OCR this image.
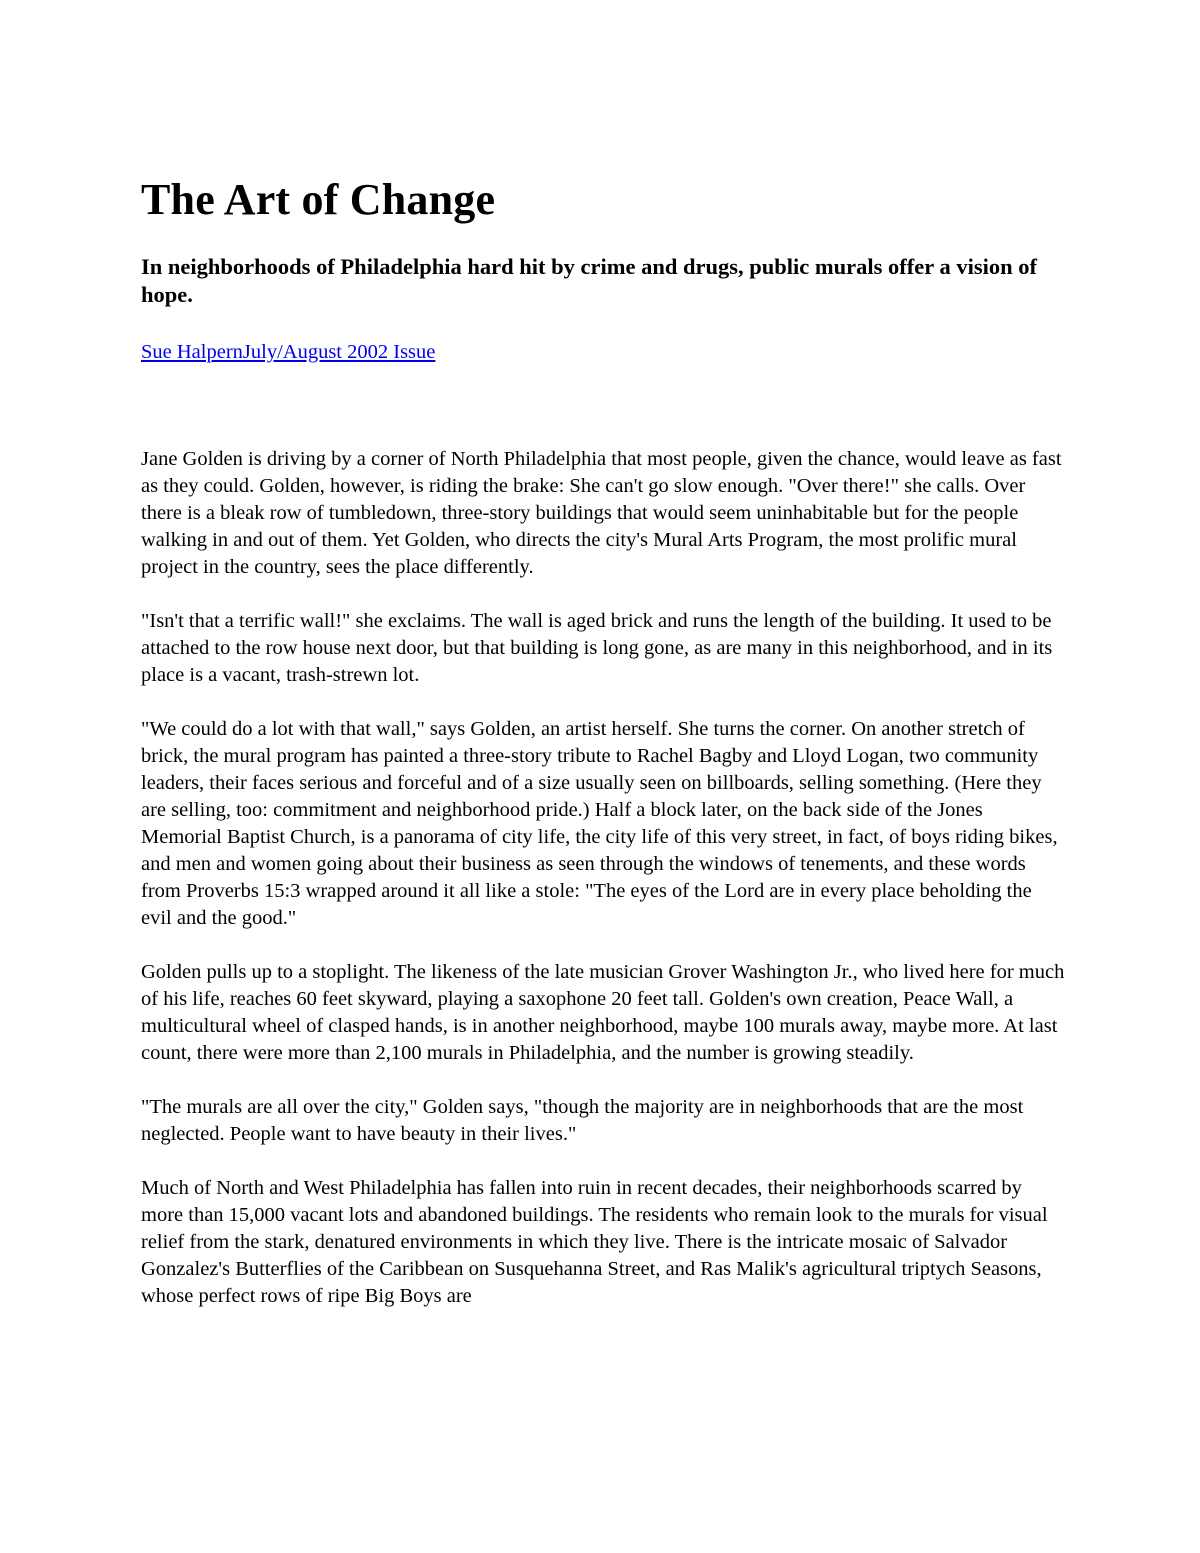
The Art of Change

In neighborhoods of Philadelphia hard hit by crime and drugs, public murals offer a vision of hope.

Sue HalpernJuly/August 2002 Issue

Jane Golden is driving by a corner of North Philadelphia that most people, given the chance, would leave as fast as they could. Golden, however, is riding the brake: She can't go slow enough. "Over there!" she calls. Over there is a bleak row of tumbledown, three-story buildings that would seem uninhabitable but for the people walking in and out of them. Yet Golden, who directs the city's Mural Arts Program, the most prolific mural project in the country, sees the place differently.

"Isn't that a terrific wall!" she exclaims. The wall is aged brick and runs the length of the building. It used to be attached to the row house next door, but that building is long gone, as are many in this neighborhood, and in its place is a vacant, trash-strewn lot.

"We could do a lot with that wall," says Golden, an artist herself. She turns the corner. On another stretch of brick, the mural program has painted a three-story tribute to Rachel Bagby and Lloyd Logan, two community leaders, their faces serious and forceful and of a size usually seen on billboards, selling something. (Here they are selling, too: commitment and neighborhood pride.) Half a block later, on the back side of the Jones Memorial Baptist Church, is a panorama of city life, the city life of this very street, in fact, of boys riding bikes, and men and women going about their business as seen through the windows of tenements, and these words from Proverbs 15:3 wrapped around it all like a stole: "The eyes of the Lord are in every place beholding the evil and the good."

Golden pulls up to a stoplight. The likeness of the late musician Grover Washington Jr., who lived here for much of his life, reaches 60 feet skyward, playing a saxophone 20 feet tall. Golden's own creation, Peace Wall, a multicultural wheel of clasped hands, is in another neighborhood, maybe 100 murals away, maybe more. At last count, there were more than 2,100 murals in Philadelphia, and the number is growing steadily.

"The murals are all over the city," Golden says, "though the majority are in neighborhoods that are the most neglected. People want to have beauty in their lives."

Much of North and West Philadelphia has fallen into ruin in recent decades, their neighborhoods scarred by more than 15,000 vacant lots and abandoned buildings. The residents who remain look to the murals for visual relief from the stark, denatured environments in which they live. There is the intricate mosaic of Salvador Gonzalez's Butterflies of the Caribbean on Susquehanna Street, and Ras Malik's agricultural triptych Seasons, whose perfect rows of ripe Big Boys are
